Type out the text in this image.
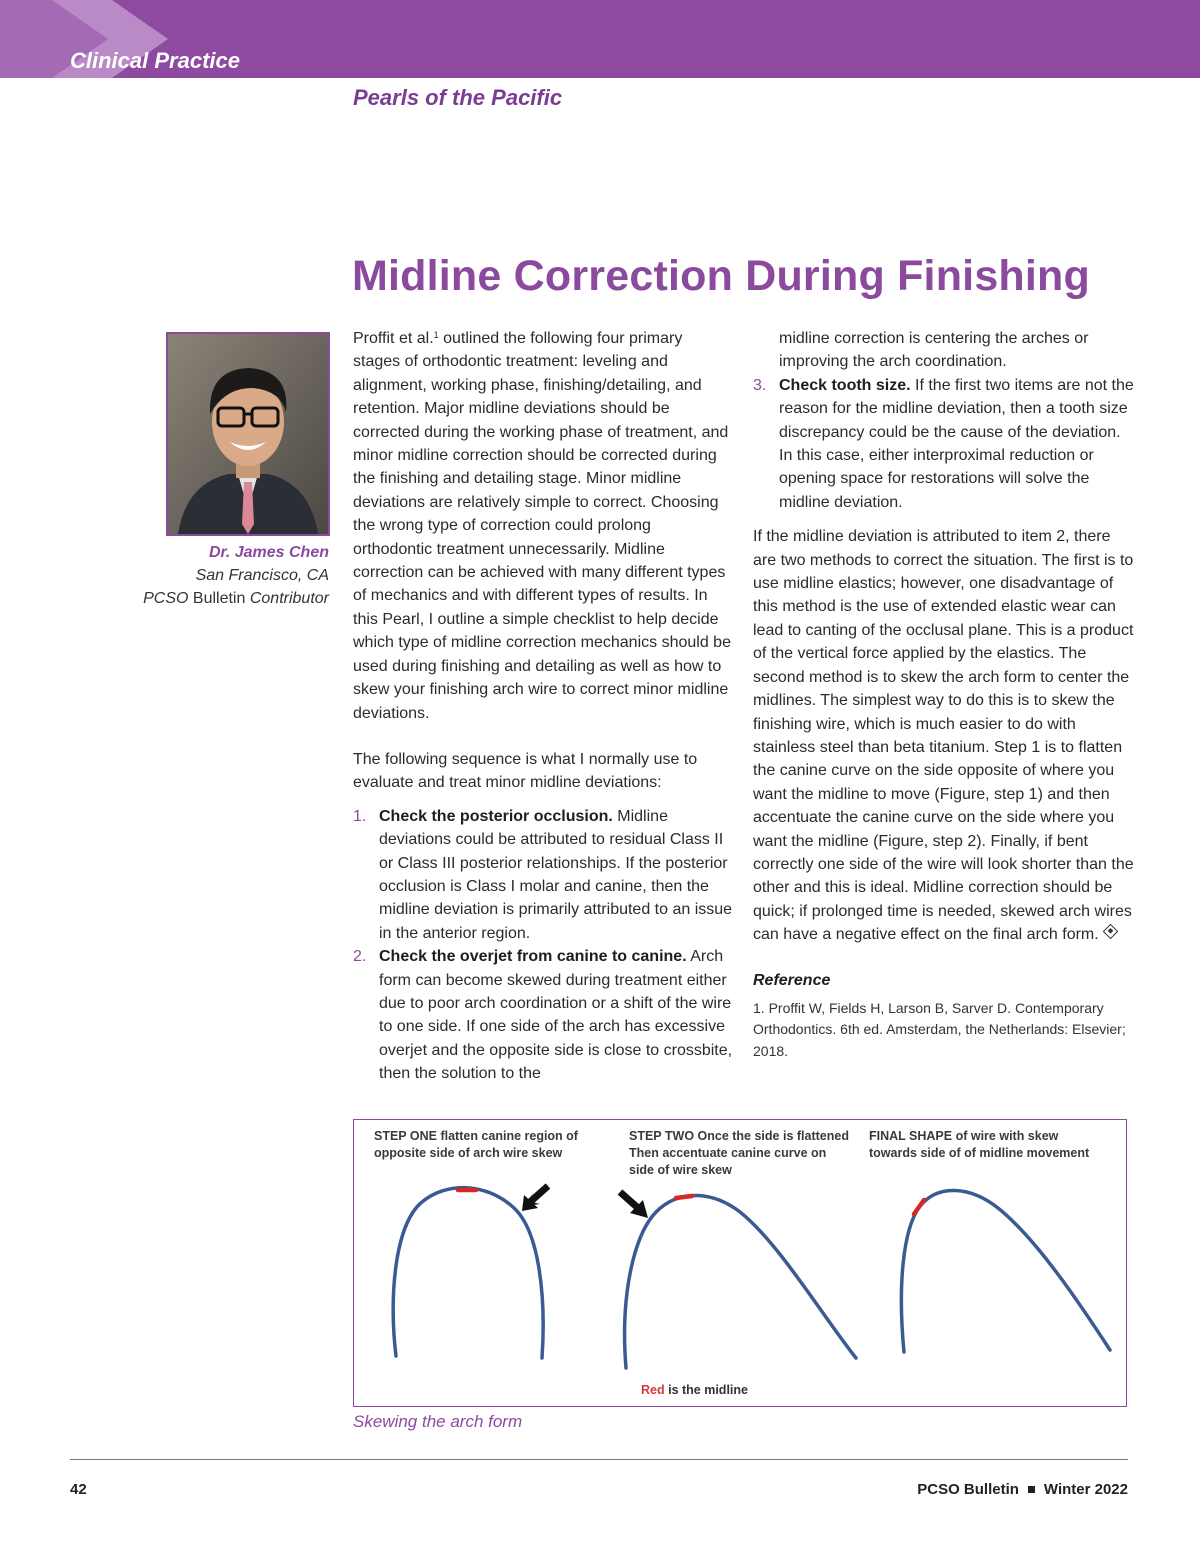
Clinical Practice
Pearls of the Pacific
Midline Correction During Finishing
Dr. James Chen
San Francisco, CA
PCSO Bulletin Contributor

Proffit et al.$^1$ outlined the following four primary stages of orthodontic treatment: leveling and alignment, working phase, finishing/detailing, and retention. Major midline deviations should be corrected during the working phase of treatment, and minor midline correction should be corrected during the finishing and detailing stage. Minor midline deviations are relatively simple to correct. Choosing the wrong type of correction could prolong orthodontic treatment unnecessarily. Midline correction can be achieved with many different types of mechanics and with different types of results. In this Pearl, I outline a simple checklist to help decide which type of midline correction mechanics should be used during finishing and detailing as well as how to skew your finishing arch wire to correct minor midline deviations.

The following sequence is what I normally use to evaluate and treat minor midline deviations:

1. Check the posterior occlusion. Midline deviations could be attributed to residual Class II or Class III posterior relationships. If the posterior occlusion is Class I molar and canine, then the midline deviation is primarily attributed to an issue in the anterior region.
2. Check the overjet from canine to canine. Arch form can become skewed during treatment either due to poor arch coordination or a shift of the wire to one side. If one side of the arch has excessive overjet and the opposite side is close to crossbite, then the solution to the

midline correction is centering the arches or improving the arch coordination.

3. Check tooth size. If the first two items are not the reason for the midline deviation, then a tooth size discrepancy could be the cause of the deviation. In this case, either interproximal reduction or opening space for restorations will solve the midline deviation.

If the midline deviation is attributed to item 2, there are two methods to correct the situation. The first is to use midline elastics; however, one disadvantage of this method is the use of extended elastic wear can lead to canting of the occlusal plane. This is a product of the vertical force applied by the elastics. The second method is to skew the arch form to center the midlines. The simplest way to do this is to skew the finishing wire, which is much easier to do with stainless steel than beta titanium. Step 1 is to flatten the canine curve on the side opposite of where you want the midline to move (Figure, step 1) and then accentuate the canine curve on the side where you want the midline (Figure, step 2). Finally, if bent correctly one side of the wire will look shorter than the other and this is ideal. Midline correction should be quick; if prolonged time is needed, skewed arch wires can have a negative effect on the final arch form.

Reference
1. Proffit W, Fields H, Larson B, Sarver D. Contemporary Orthodontics. 6th ed. Amsterdam, the Netherlands: Elsevier; 2018.
STEP ONE flatten canine region of opposite side of arch wire skew
STEP TWO Once the side is flattened Then accentuate canine curve on side of wire skew
FINAL SHAPE of wire with skew towards side of of midline movement
Red is the midline
Skewing the arch form
42	PCSO Bulletin Winter 2022
